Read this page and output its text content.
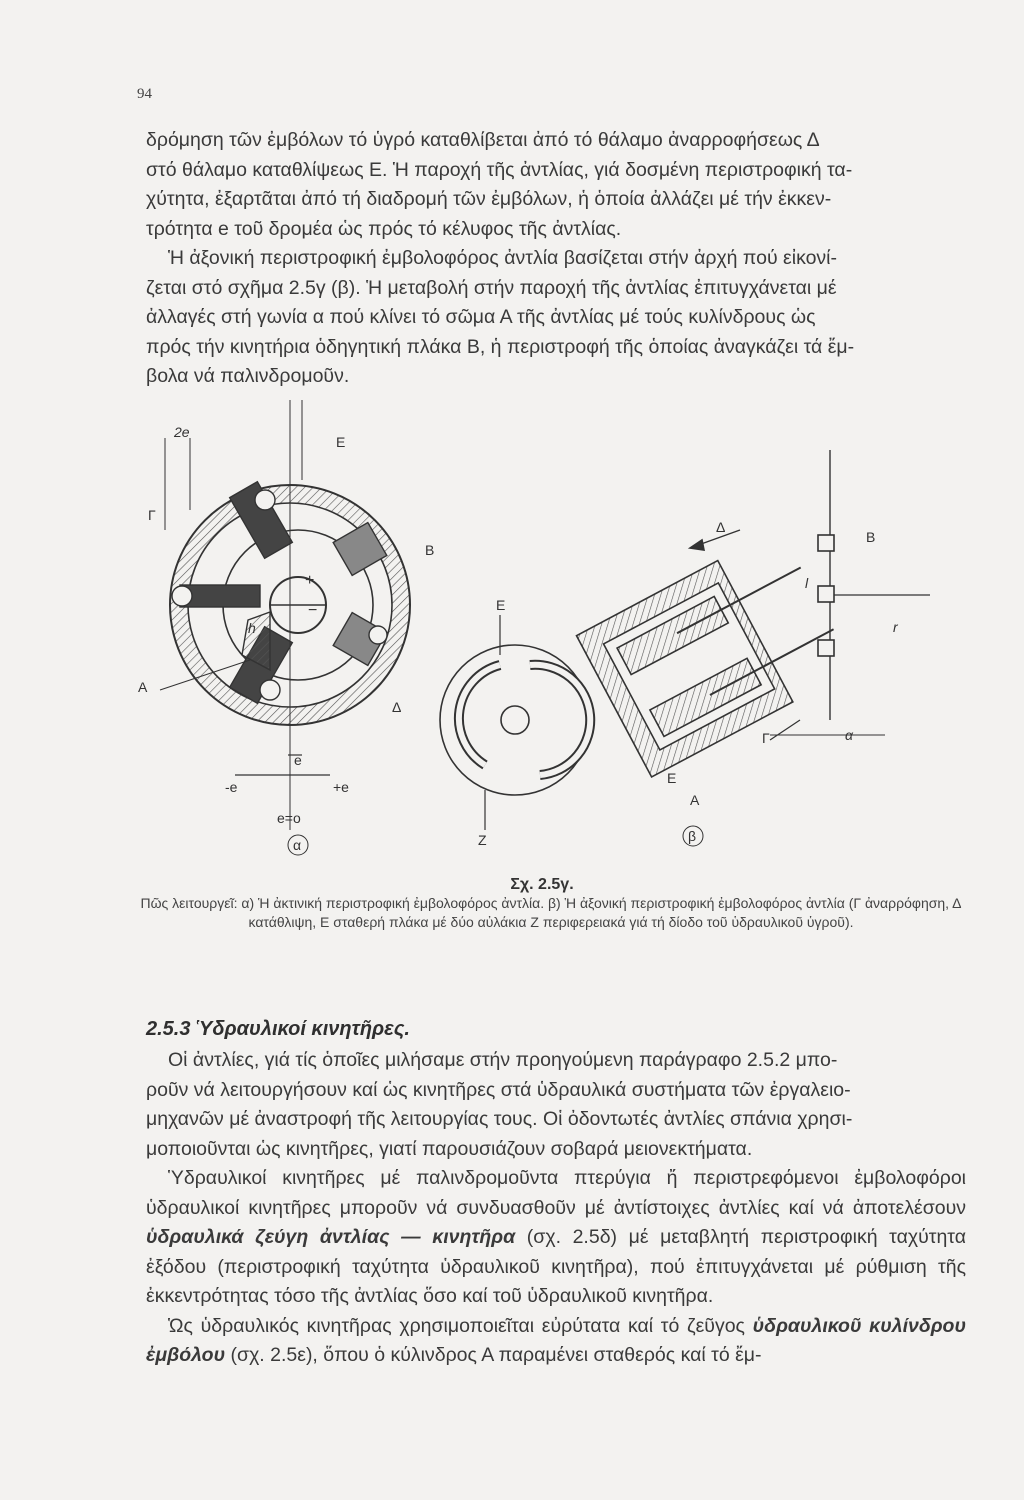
94

δρόμηση τῶν ἐμβόλων τό ὑγρό καταθλίβεται ἀπό τό θάλαμο ἀναρροφήσεως Δ

στό θάλαμο καταθλίψεως Ε. Ἡ παροχή τῆς ἀντλίας, γιά δοσμένη περιστροφική τα-

χύτητα, ἐξαρτᾶται ἀπό τή διαδρομή τῶν ἐμβόλων, ἡ ὁποία ἀλλάζει μέ τήν ἐκκεν-

τρότητα e τοῦ δρομέα ὡς πρός τό κέλυφος τῆς ἀντλίας.

Ἡ ἀξονική περιστροφική ἐμβολοφόρος ἀντλία βασίζεται στήν ἀρχή πού εἰκονί-

ζεται στό σχῆμα 2.5γ (β). Ἡ μεταβολή στήν παροχή τῆς ἀντλίας ἐπιτυγχάνεται μέ

ἀλλαγές στή γωνία α πού κλίνει τό σῶμα Α τῆς ἀντλίας μέ τούς κυλίνδρους ὡς

πρός τήν κινητήρια ὁδηγητική πλάκα Β, ἡ περιστροφή τῆς ὁποίας ἀναγκάζει τά ἔμ-

βολα νά παλινδρομοῦν.

2e
E
Γ
B
h
A
Δ
e
-e	+e
e=o
α
+
−	E
Z
Δ
B
l
r
Γ	α
E
A
β
Σχ. 2.5γ.
Πῶς λειτουργεῖ: α) Ἡ ἀκτινική περιστροφική ἐμβολοφόρος ἀντλία. β) Ἡ ἀξονική περιστροφική ἐμβολοφόρος ἀντλία (Γ ἀναρρόφηση, Δ κατάθλιψη, Ε σταθερή πλάκα μέ δύο αὐλάκια Ζ περιφερειακά γιά τή δίοδο τοῦ ὑδραυλικοῦ ὑγροῦ).
2.5.3 Ὑδραυλικοί κινητῆρες.

Οἱ ἀντλίες, γιά τίς ὁποῖες μιλήσαμε στήν προηγούμενη παράγραφο 2.5.2 μπο-

ροῦν νά λειτουργήσουν καί ὡς κινητῆρες στά ὑδραυλικά συστήματα τῶν ἐργαλειο-

μηχανῶν μέ ἀναστροφή τῆς λειτουργίας τους. Οἱ ὀδοντωτές ἀντλίες σπάνια χρησι-

μοποιοῦνται ὡς κινητῆρες, γιατί παρουσιάζουν σοβαρά μειονεκτήματα.

Ὑδραυλικοί κινητῆρες μέ παλινδρομοῦντα πτερύγια ἤ περιστρεφόμενοι ἐμβολοφόροι ὑδραυλικοί κινητῆρες μποροῦν νά συνδυασθοῦν μέ ἀντίστοιχες ἀντλίες καί νά ἀποτελέσουν ὑδραυλικά ζεύγη ἀντλίας — κινητῆρα (σχ. 2.5δ) μέ μεταβλητή περιστροφική ταχύτητα ἐξόδου (περιστροφική ταχύτητα ὑδραυλικοῦ κινητῆρα), πού ἐπιτυγχάνεται μέ ρύθμιση τῆς ἐκκεντρότητας τόσο τῆς ἀντλίας ὅσο καί τοῦ ὑδραυλικοῦ κινητῆρα.

Ὡς ὑδραυλικός κινητῆρας χρησιμοποιεῖται εὐρύτατα καί τό ζεῦγος ὑδραυλικοῦ κυλίνδρου ἐμβόλου (σχ. 2.5ε), ὅπου ὁ κύλινδρος Α παραμένει σταθερός καί τό ἔμ-
